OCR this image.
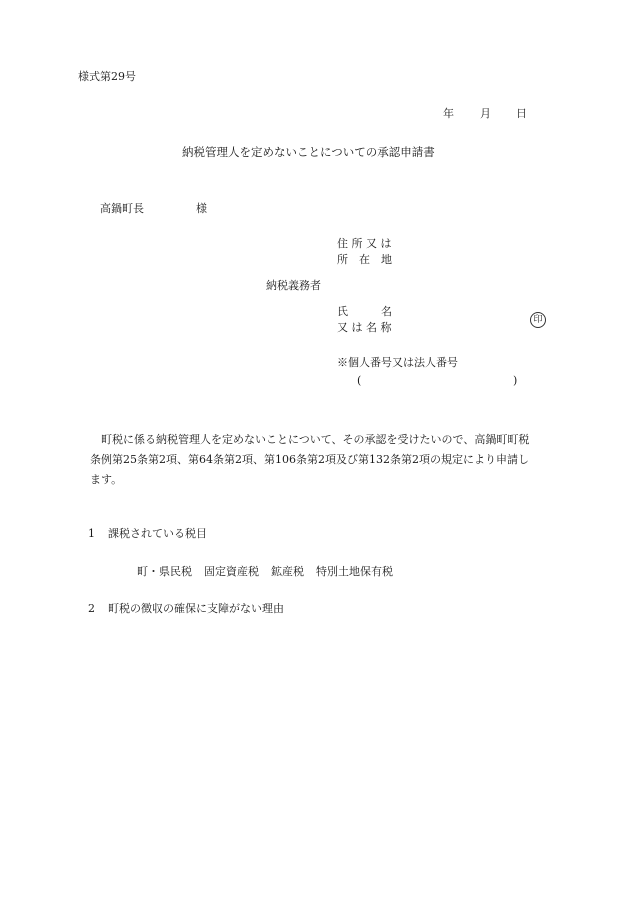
様式第29号
年 月 日
納税管理人を定めないことについての承認申請書
高鍋町長	様
住 所 又 は
所　在　地
納税義務者
氏　　　名
又 は 名 称
印
※個人番号又は法人番号
(	)
町税に係る納税管理人を定めないことについて、その承認を受けたいので、高鍋町町税条例第25条第2項、第64条第2項、第106条第2項及び第132条第2項の規定により申請します。
1 課税されている税目
町・県民税 固定資産税 鉱産税 特別土地保有税
2 町税の徴収の確保に支障がない理由
